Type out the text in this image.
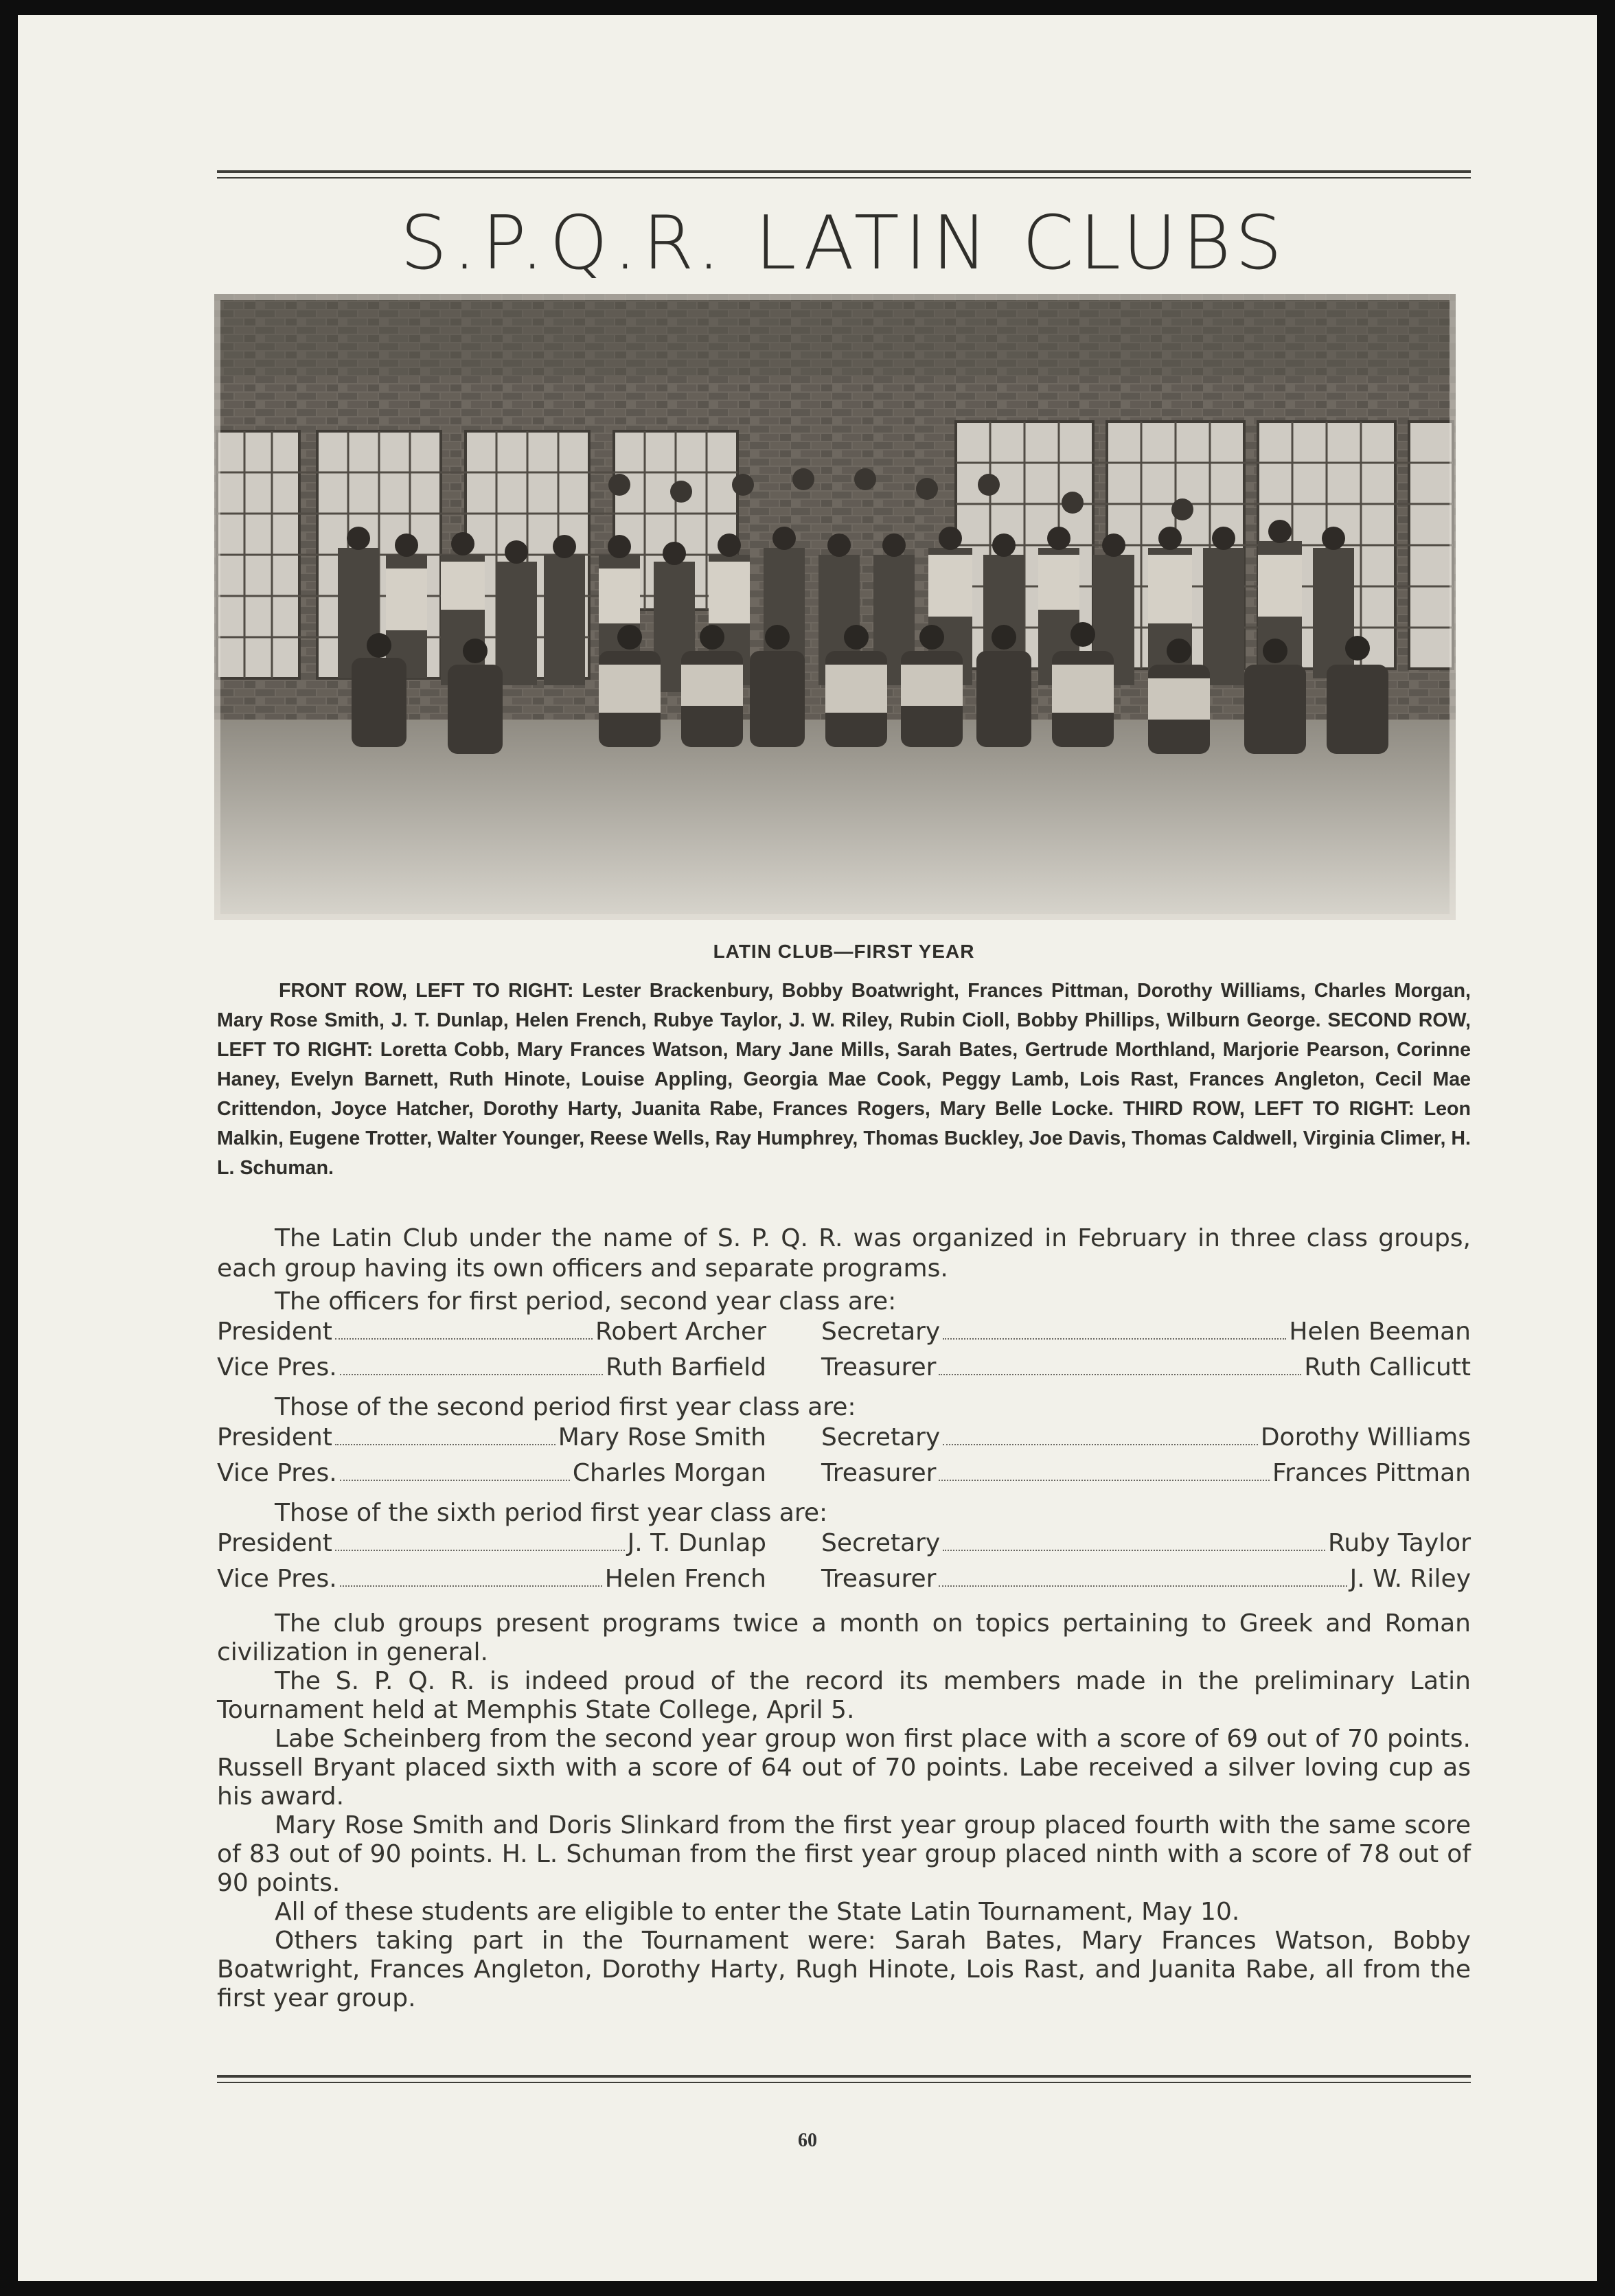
S.P.Q.R. LATIN CLUBS
LATIN CLUB—FIRST YEAR
FRONT ROW, LEFT TO RIGHT: Lester Brackenbury, Bobby Boatwright, Frances Pittman, Dorothy Williams, Charles Morgan, Mary Rose Smith, J. T. Dunlap, Helen French, Rubye Taylor, J. W. Riley, Rubin Cioll, Bobby Phillips, Wilburn George. SECOND ROW, LEFT TO RIGHT: Loretta Cobb, Mary Frances Watson, Mary Jane Mills, Sarah Bates, Gertrude Morthland, Marjorie Pearson, Corinne Haney, Evelyn Barnett, Ruth Hinote, Louise Appling, Georgia Mae Cook, Peggy Lamb, Lois Rast, Frances Angleton, Cecil Mae Crittendon, Joyce Hatcher, Dorothy Harty, Juanita Rabe, Frances Rogers, Mary Belle Locke. THIRD ROW, LEFT TO RIGHT: Leon Malkin, Eugene Trotter, Walter Younger, Reese Wells, Ray Humphrey, Thomas Buckley, Joe Davis, Thomas Caldwell, Virginia Climer, H. L. Schuman.

The Latin Club under the name of S. P. Q. R. was organized in February in three class groups, each group having its own officers and separate programs.

The officers for first period, second year class are:

President	Robert Archer Secretary	Helen Beeman
Vice Pres.	Ruth Barfield Treasurer	Ruth Callicutt

Those of the second period first year class are:

President	Mary Rose Smith Secretary	Dorothy Williams
Vice Pres.	Charles Morgan Treasurer	Frances Pittman

Those of the sixth period first year class are:

President	J. T. Dunlap Secretary	Ruby Taylor
Vice Pres.	Helen French Treasurer	J. W. Riley

The club groups present programs twice a month on topics pertaining to Greek and Roman civilization in general.

The S. P. Q. R. is indeed proud of the record its members made in the preliminary Latin Tournament held at Memphis State College, April 5.

Labe Scheinberg from the second year group won first place with a score of 69 out of 70 points. Russell Bryant placed sixth with a score of 64 out of 70 points. Labe received a silver loving cup as his award.

Mary Rose Smith and Doris Slinkard from the first year group placed fourth with the same score of 83 out of 90 points. H. L. Schuman from the first year group placed ninth with a score of 78 out of 90 points.

All of these students are eligible to enter the State Latin Tournament, May 10.

Others taking part in the Tournament were: Sarah Bates, Mary Frances Watson, Bobby Boatwright, Frances Angleton, Dorothy Harty, Rugh Hinote, Lois Rast, and Juanita Rabe, all from the first year group.

60
